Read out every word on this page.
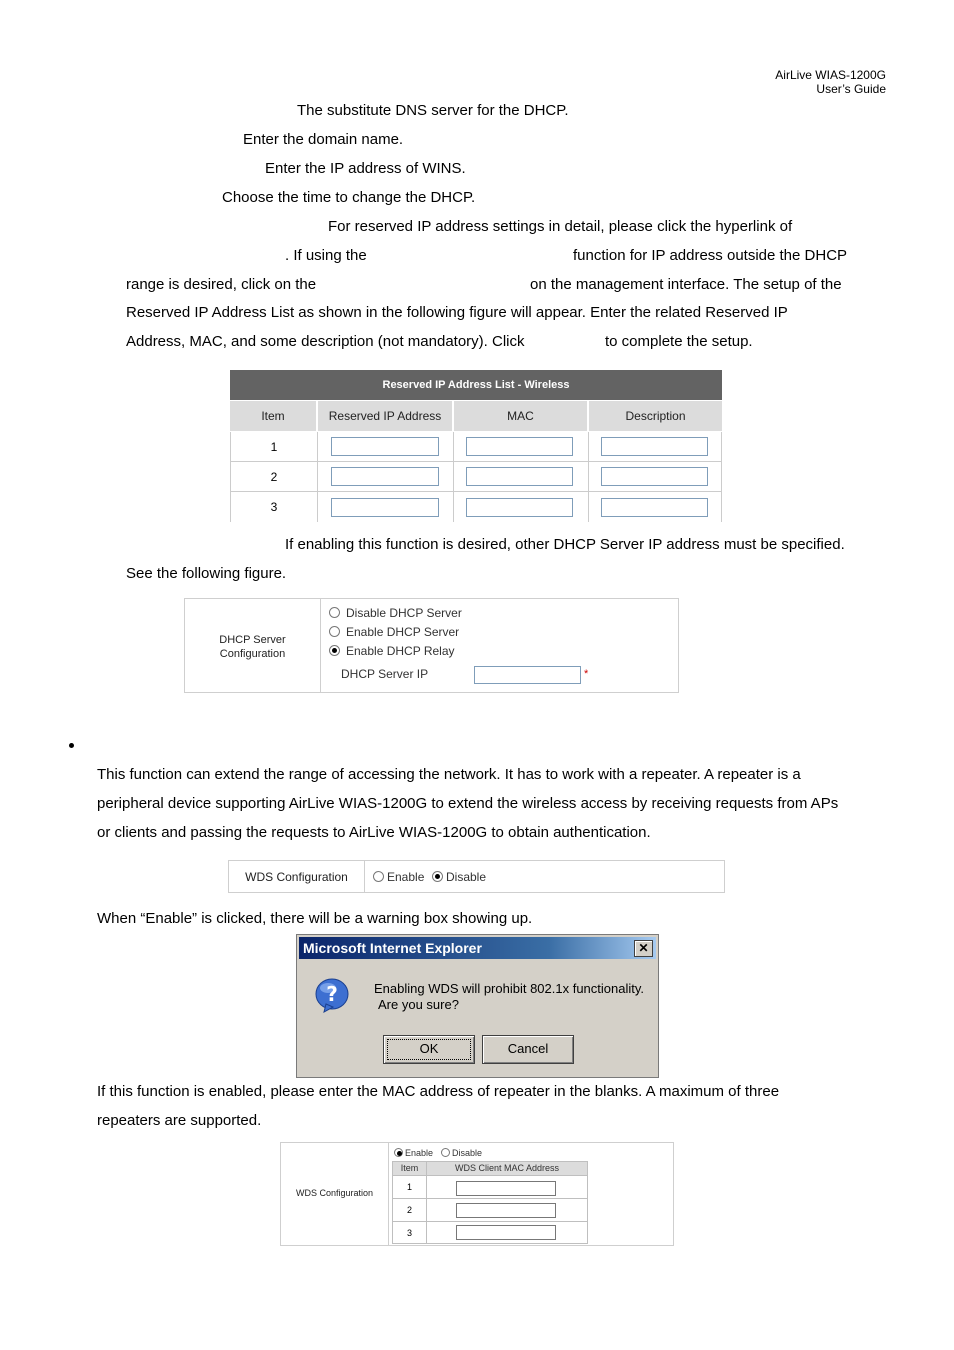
AirLive WIAS-1200G
User’s Guide
The substitute DNS server for the DHCP.
Enter the domain name.
Enter the IP address of WINS.
Choose the time to change the DHCP.
For reserved IP address settings in detail, please click the hyperlink of
. If using the	function for IP address outside the DHCP
range is desired, click on the	on the management interface. The setup of the
Reserved IP Address List as shown in the following figure will appear. Enter the related Reserved IP
Address, MAC, and some description (not mandatory). Click	to complete the setup.
Reserved IP Address List - Wireless
Item	Reserved IP Address	MAC	Description
1
2
3
If enabling this function is desired, other DHCP Server IP address must be specified.
See the following figure.
DHCP Server
Configuration
Disable DHCP Server
Enable DHCP Server
Enable DHCP Relay
DHCP Server IP	*
This function can extend the range of accessing the network. It has to work with a repeater. A repeater is a
peripheral device supporting AirLive WIAS-1200G to extend the wireless access by receiving requests from APs
or clients and passing the requests to AirLive WIAS-1200G to obtain authentication.
WDS Configuration	Enable	Disable
When “Enable” is clicked, there will be a warning box showing up.
Microsoft Internet Explorer	✕
?	Enabling WDS will prohibit 802.1x functionality.
Are you sure?
OK	Cancel
If this function is enabled, please enter the MAC address of repeater in the blanks. A maximum of three
repeaters are supported.
WDS Configuration
Enable	Disable
Item	WDS Client MAC Address
1
2
3
